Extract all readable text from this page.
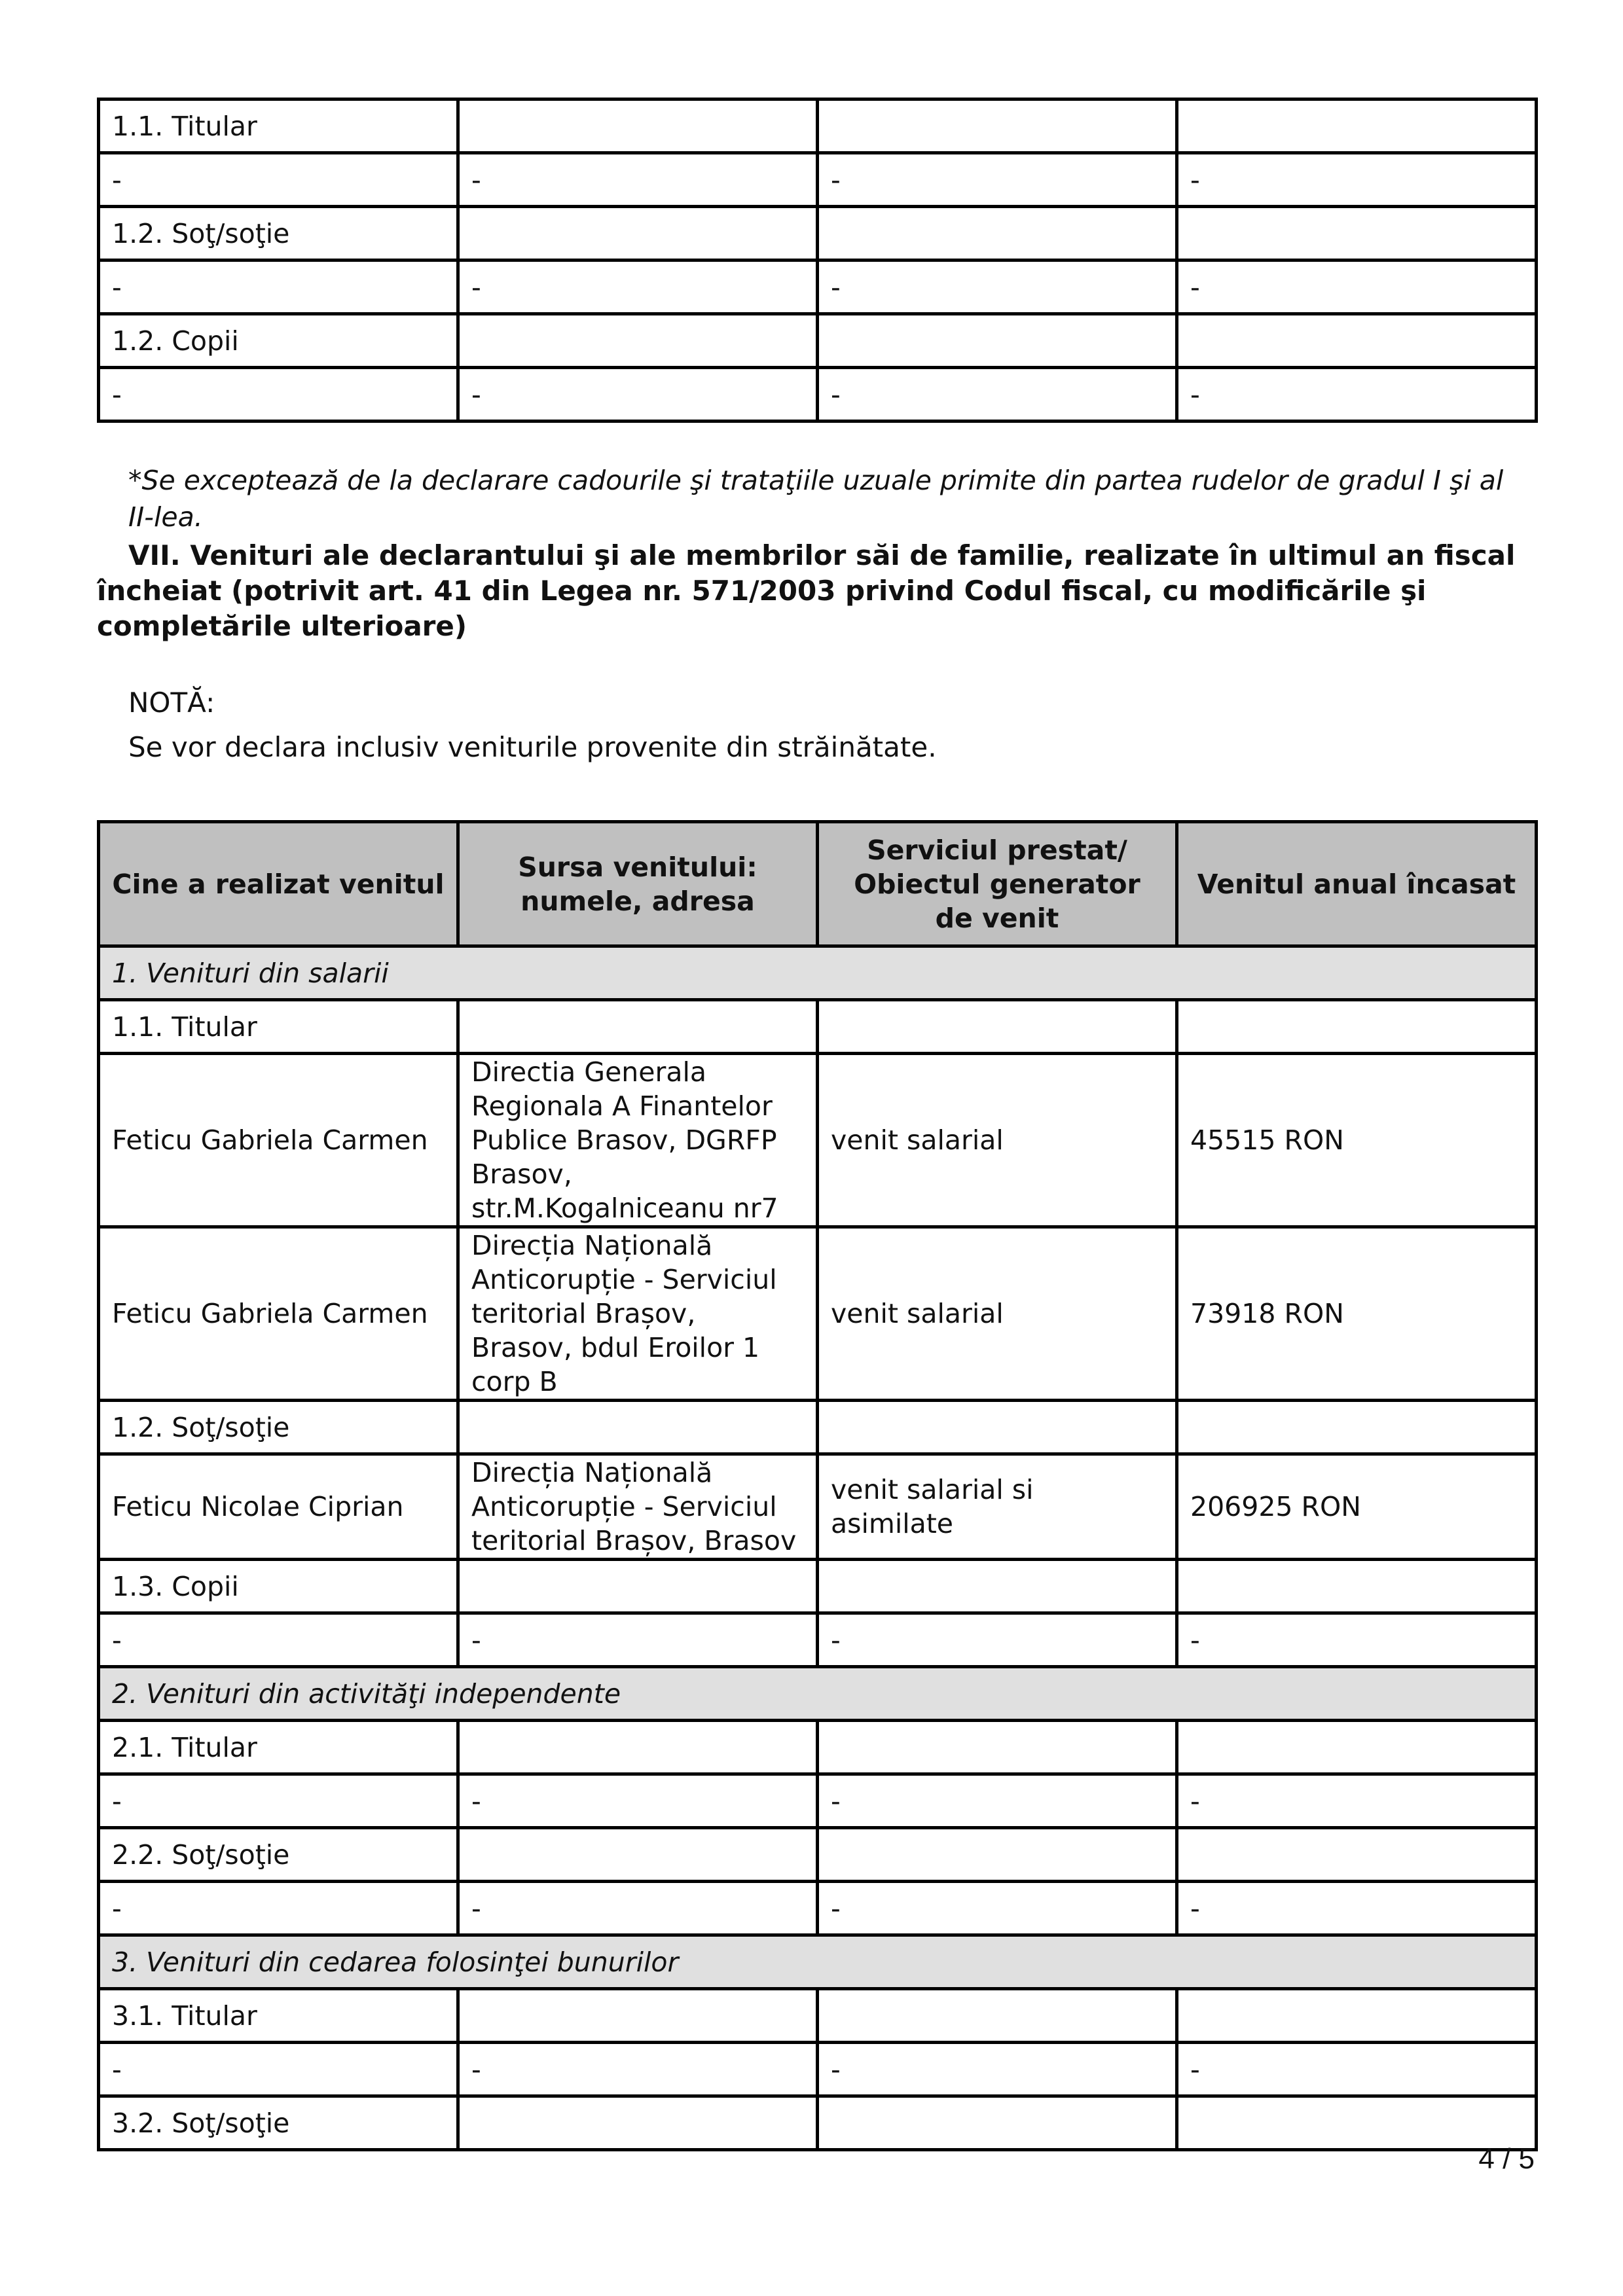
1.1. Titular			
-	-	-	-
1.2. Soţ/soţie			
-	-	-	-
1.2. Copii			
-	-	-	-
*Se exceptează de la declarare cadourile şi trataţiile uzuale primite din partea rudelor de gradul I şi al II-lea.
VII. Venituri ale declarantului şi ale membrilor săi de familie, realizate în ultimul an fiscal încheiat (potrivit art. 41 din Legea nr. 571/2003 privind Codul fiscal, cu modificările şi completările ulterioare)
NOTĂ:
Se vor declara inclusiv veniturile provenite din străinătate.
Cine a realizat venitul	Sursa venitului: numele, adresa	Serviciul prestat/ Obiectul generator de venit	Venitul anual încasat
1. Venituri din salarii			
1.1. Titular			
Feticu Gabriela Carmen	Directia Generala Regionala A Finantelor Publice Brasov, DGRFP Brasov, str.M.Kogalniceanu nr7	venit salarial	45515 RON
Feticu Gabriela Carmen	Direcția Națională Anticorupție - Serviciul teritorial Brașov, Brasov, bdul Eroilor 1 corp B	venit salarial	73918 RON
1.2. Soţ/soţie			
Feticu Nicolae Ciprian	Direcția Națională Anticorupție - Serviciul teritorial Brașov, Brasov	venit salarial si asimilate	206925 RON
1.3. Copii			
-	-	-	-
2. Venituri din activităţi independente			
2.1. Titular			
-	-	-	-
2.2. Soţ/soţie			
-	-	-	-
3. Venituri din cedarea folosinţei bunurilor			
3.1. Titular			
-	-	-	-
3.2. Soţ/soţie			
4 / 5
